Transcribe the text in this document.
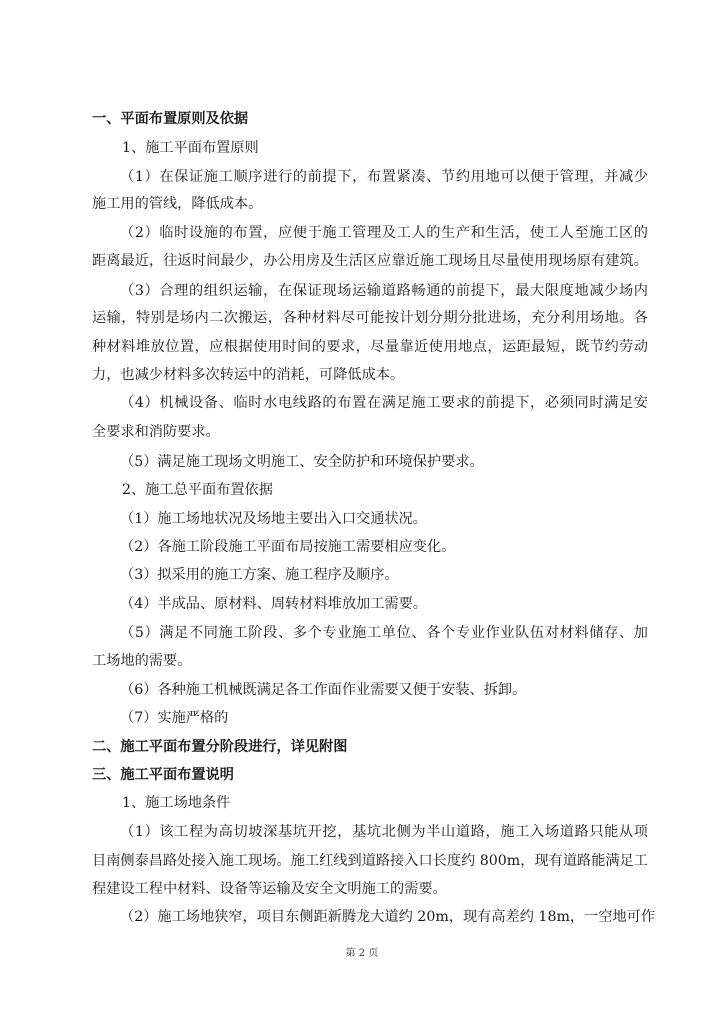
一、平面布置原则及依据
1、施工平面布置原则
（1）在保证施工顺序进行的前提下，布置紧凑、节约用地可以便于管理，并减少
施工用的管线，降低成本。
（2）临时设施的布置，应便于施工管理及工人的生产和生活，使工人至施工区的
距离最近，往返时间最少，办公用房及生活区应靠近施工现场且尽量使用现场原有建筑。
（3）合理的组织运输，在保证现场运输道路畅通的前提下，最大限度地减少场内
运输，特别是场内二次搬运，各种材料尽可能按计划分期分批进场，充分利用场地。各
种材料堆放位置，应根据使用时间的要求，尽量靠近使用地点，运距最短，既节约劳动
力，也减少材料多次转运中的消耗，可降低成本。
（4）机械设备、临时水电线路的布置在满足施工要求的前提下，必须同时满足安
全要求和消防要求。
（5）满足施工现场文明施工、安全防护和环境保护要求。
2、施工总平面布置依据
（1）施工场地状况及场地主要出入口交通状况。
（2）各施工阶段施工平面布局按施工需要相应变化。
（3）拟采用的施工方案、施工程序及顺序。
（4）半成品、原材料、周转材料堆放加工需要。
（5）满足不同施工阶段、多个专业施工单位、各个专业作业队伍对材料储存、加
工场地的需要。
（6）各种施工机械既满足各工作面作业需要又便于安装、拆卸。
（7）实施严格的
二、施工平面布置分阶段进行，详见附图
三、施工平面布置说明
1、施工场地条件
（1）该工程为高切坡深基坑开挖，基坑北侧为半山道路，施工入场道路只能从项
目南侧泰昌路处接入施工现场。施工红线到道路接入口长度约 800m，现有道路能满足工
程建设工程中材料、设备等运输及安全文明施工的需要。
（2）施工场地狭窄，项目东侧距新腾龙大道约 20m，现有高差约 18m，一空地可作
第 2 页
